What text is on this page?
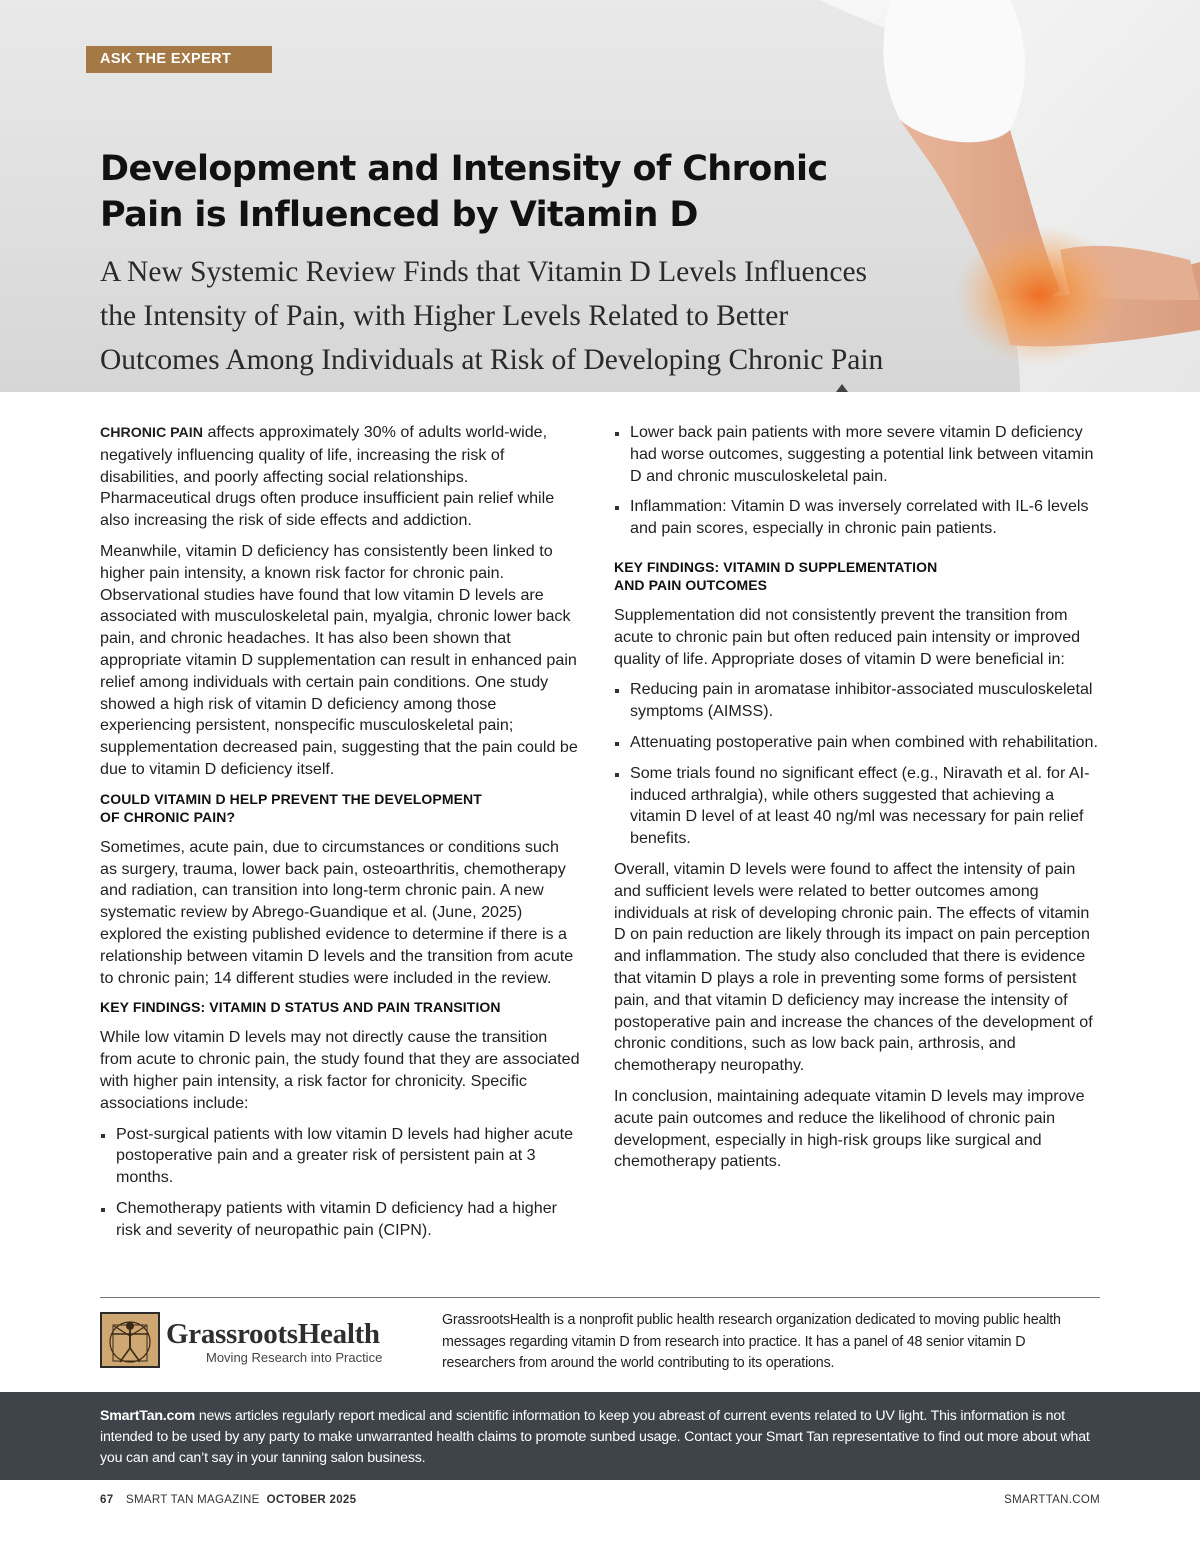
ASK THE EXPERT
Development and Intensity of Chronic
Pain is Influenced by Vitamin D
A New Systemic Review Finds that Vitamin D Levels Influences
the Intensity of Pain, with Higher Levels Related to Better
Outcomes Among Individuals at Risk of Developing Chronic Pain

CHRONIC PAIN affects approximately 30% of adults world-wide, negatively influencing quality of life, increasing the risk of disabilities, and poorly affecting social relationships. Pharmaceutical drugs often produce insufficient pain relief while also increasing the risk of side effects and addiction.

Meanwhile, vitamin D deficiency has consistently been linked to higher pain intensity, a known risk factor for chronic pain. Observational studies have found that low vitamin D levels are associated with musculoskeletal pain, myalgia, chronic lower back pain, and chronic headaches. It has also been shown that appropriate vitamin D supplementation can result in enhanced pain relief among individuals with certain pain conditions. One study showed a high risk of vitamin D deficiency among those experiencing persistent, nonspecific musculoskeletal pain; supplementation decreased pain, suggesting that the pain could be due to vitamin D deficiency itself.

COULD VITAMIN D HELP PREVENT THE DEVELOPMENT
OF CHRONIC PAIN?

Sometimes, acute pain, due to circumstances or conditions such as surgery, trauma, lower back pain, osteoarthritis, chemotherapy and radiation, can transition into long-term chronic pain. A new systematic review by Abrego-Guandique et al. (June, 2025) explored the existing published evidence to determine if there is a relationship between vitamin D levels and the transition from acute to chronic pain; 14 different studies were included in the review.

KEY FINDINGS: VITAMIN D STATUS AND PAIN TRANSITION

While low vitamin D levels may not directly cause the transition from acute to chronic pain, the study found that they are associated with higher pain intensity, a risk factor for chronicity. Specific associations include:

Post-surgical patients with low vitamin D levels had higher acute postoperative pain and a greater risk of persistent pain at 3 months.
Chemotherapy patients with vitamin D deficiency had a higher risk and severity of neuropathic pain (CIPN).
Lower back pain patients with more severe vitamin D deficiency had worse outcomes, suggesting a potential link between vitamin D and chronic musculoskeletal pain.
Inflammation: Vitamin D was inversely correlated with IL-6 levels and pain scores, especially in chronic pain patients.
KEY FINDINGS: VITAMIN D SUPPLEMENTATION
AND PAIN OUTCOMES

Supplementation did not consistently prevent the transition from acute to chronic pain but often reduced pain intensity or improved quality of life. Appropriate doses of vitamin D were beneficial in:

Reducing pain in aromatase inhibitor-associated musculoskeletal symptoms (AIMSS).
Attenuating postoperative pain when combined with rehabilitation.
Some trials found no significant effect (e.g., Niravath et al. for AI-induced arthralgia), while others suggested that achieving a vitamin D level of at least 40 ng/ml was necessary for pain relief benefits.

Overall, vitamin D levels were found to affect the intensity of pain and sufficient levels were related to better outcomes among individuals at risk of developing chronic pain. The effects of vitamin D on pain reduction are likely through its impact on pain perception and inflammation. The study also concluded that there is evidence that vitamin D plays a role in preventing some forms of persistent pain, and that vitamin D deficiency may increase the intensity of postoperative pain and increase the chances of the development of chronic conditions, such as low back pain, arthrosis, and chemotherapy neuropathy.

In conclusion, maintaining adequate vitamin D levels may improve acute pain outcomes and reduce the likelihood of chronic pain development, especially in high-risk groups like surgical and chemotherapy patients.

GrassrootsHealth
Moving Research into Practice
GrassrootsHealth is a nonprofit public health research organization dedicated to moving public health messages regarding vitamin D from research into practice. It has a panel of 48 senior vitamin D researchers from around the world contributing to its operations.
SmartTan.com news articles regularly report medical and scientific information to keep you abreast of current events related to UV light. This information is not intended to be used by any party to make unwarranted health claims to promote sunbed usage. Contact your Smart Tan representative to find out more about what you can and can’t say in your tanning salon business.
67 SMART TAN MAGAZINE OCTOBER 2025	SMARTTAN.COM
